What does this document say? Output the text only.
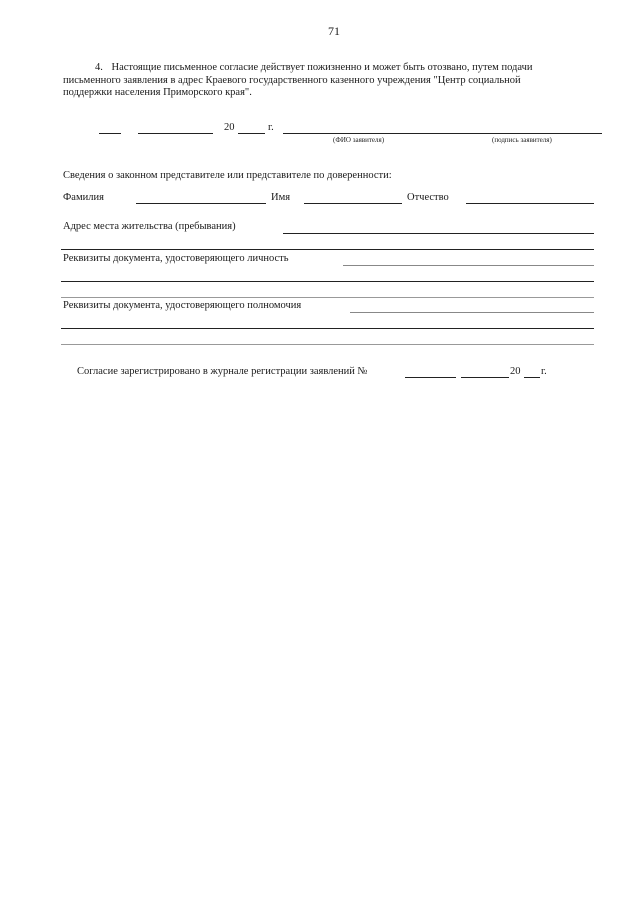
71
4. Настоящие письменное согласие действует пожизненно и может быть отозвано, путем подачи
письменного заявления в адрес Краевого государственного казенного учреждения "Центр социальной
поддержки населения Приморского края".
20	г.
(ФИО заявителя)	(подпись заявителя)
Сведения о законном представителе или представителе по доверенности:
Фамилия	Имя	Отчество
Адрес места жительства (пребывания)
Реквизиты документа, удостоверяющего личность
Реквизиты документа, удостоверяющего полномочия
Согласие зарегистрировано в журнале регистрации заявлений №	20 г.
